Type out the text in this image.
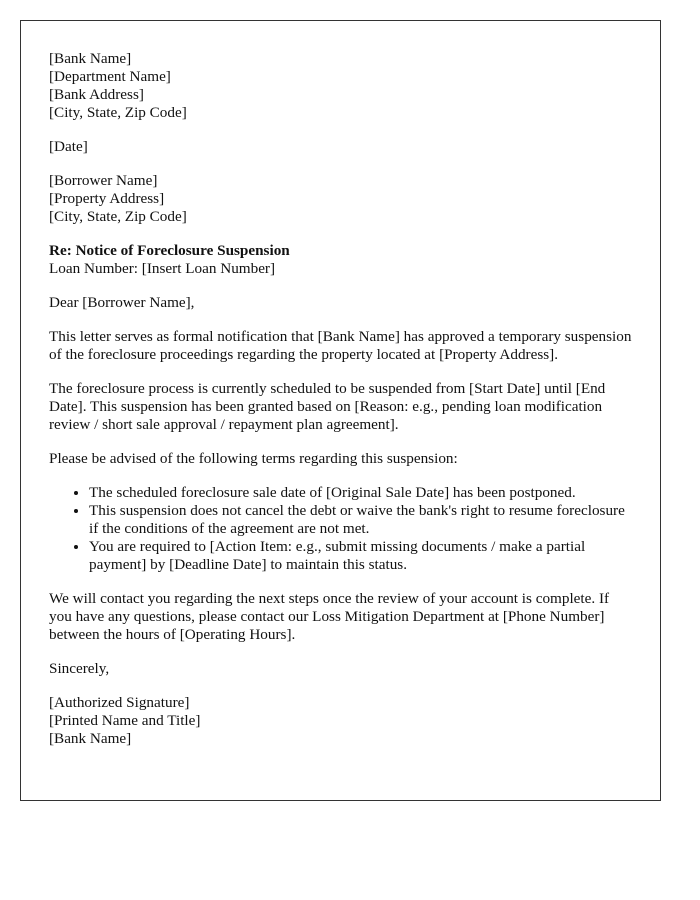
[Bank Name]
[Department Name]
[Bank Address]
[City, State, Zip Code]
[Date]
[Borrower Name]
[Property Address]
[City, State, Zip Code]
Re: Notice of Foreclosure Suspension
Loan Number: [Insert Loan Number]

Dear [Borrower Name],

This letter serves as formal notification that [Bank Name] has approved a temporary suspension of the foreclosure proceedings regarding the property located at [Property Address].

The foreclosure process is currently scheduled to be suspended from [Start Date] until [End Date]. This suspension has been granted based on [Reason: e.g., pending loan modification review / short sale approval / repayment plan agreement].

Please be advised of the following terms regarding this suspension:

• The scheduled foreclosure sale date of [Original Sale Date] has been postponed.
• This suspension does not cancel the debt or waive the bank's right to resume foreclosure if the conditions of the agreement are not met.
• You are required to [Action Item: e.g., submit missing documents / make a partial payment] by [Deadline Date] to maintain this status.

We will contact you regarding the next steps once the review of your account is complete. If you have any questions, please contact our Loss Mitigation Department at [Phone Number] between the hours of [Operating Hours].

Sincerely,

[Authorized Signature]
[Printed Name and Title]
[Bank Name]
